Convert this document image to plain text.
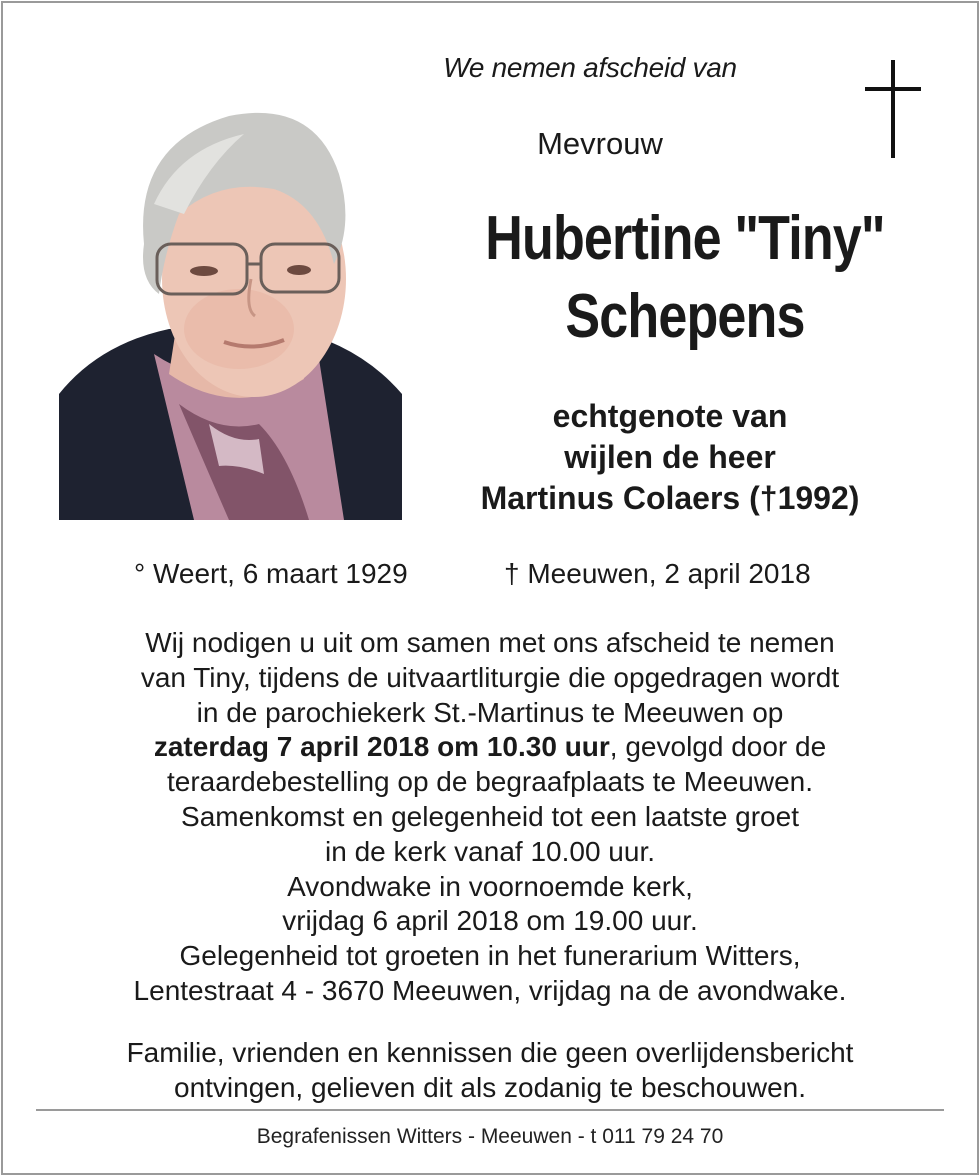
We nemen afscheid van
Mevrouw
Hubertine "Tiny"
Schepens
echtgenote van
wijlen de heer
Martinus Colaers (†1992)
° Weert, 6 maart 1929	† Meeuwen, 2 april 2018
Wij nodigen u uit om samen met ons afscheid te nemen
van Tiny, tijdens de uitvaartliturgie die opgedragen wordt
in de parochiekerk St.-Martinus te Meeuwen op
zaterdag 7 april 2018 om 10.30 uur, gevolgd door de
teraardebestelling op de begraafplaats te Meeuwen.
Samenkomst en gelegenheid tot een laatste groet
in de kerk vanaf 10.00 uur.
Avondwake in voornoemde kerk,
vrijdag 6 april 2018 om 19.00 uur.
Gelegenheid tot groeten in het funerarium Witters,
Lentestraat 4 - 3670 Meeuwen, vrijdag na de avondwake.
Familie, vrienden en kennissen die geen overlijdensbericht
ontvingen, gelieven dit als zodanig te beschouwen.
Begrafenissen Witters - Meeuwen - t 011 79 24 70
